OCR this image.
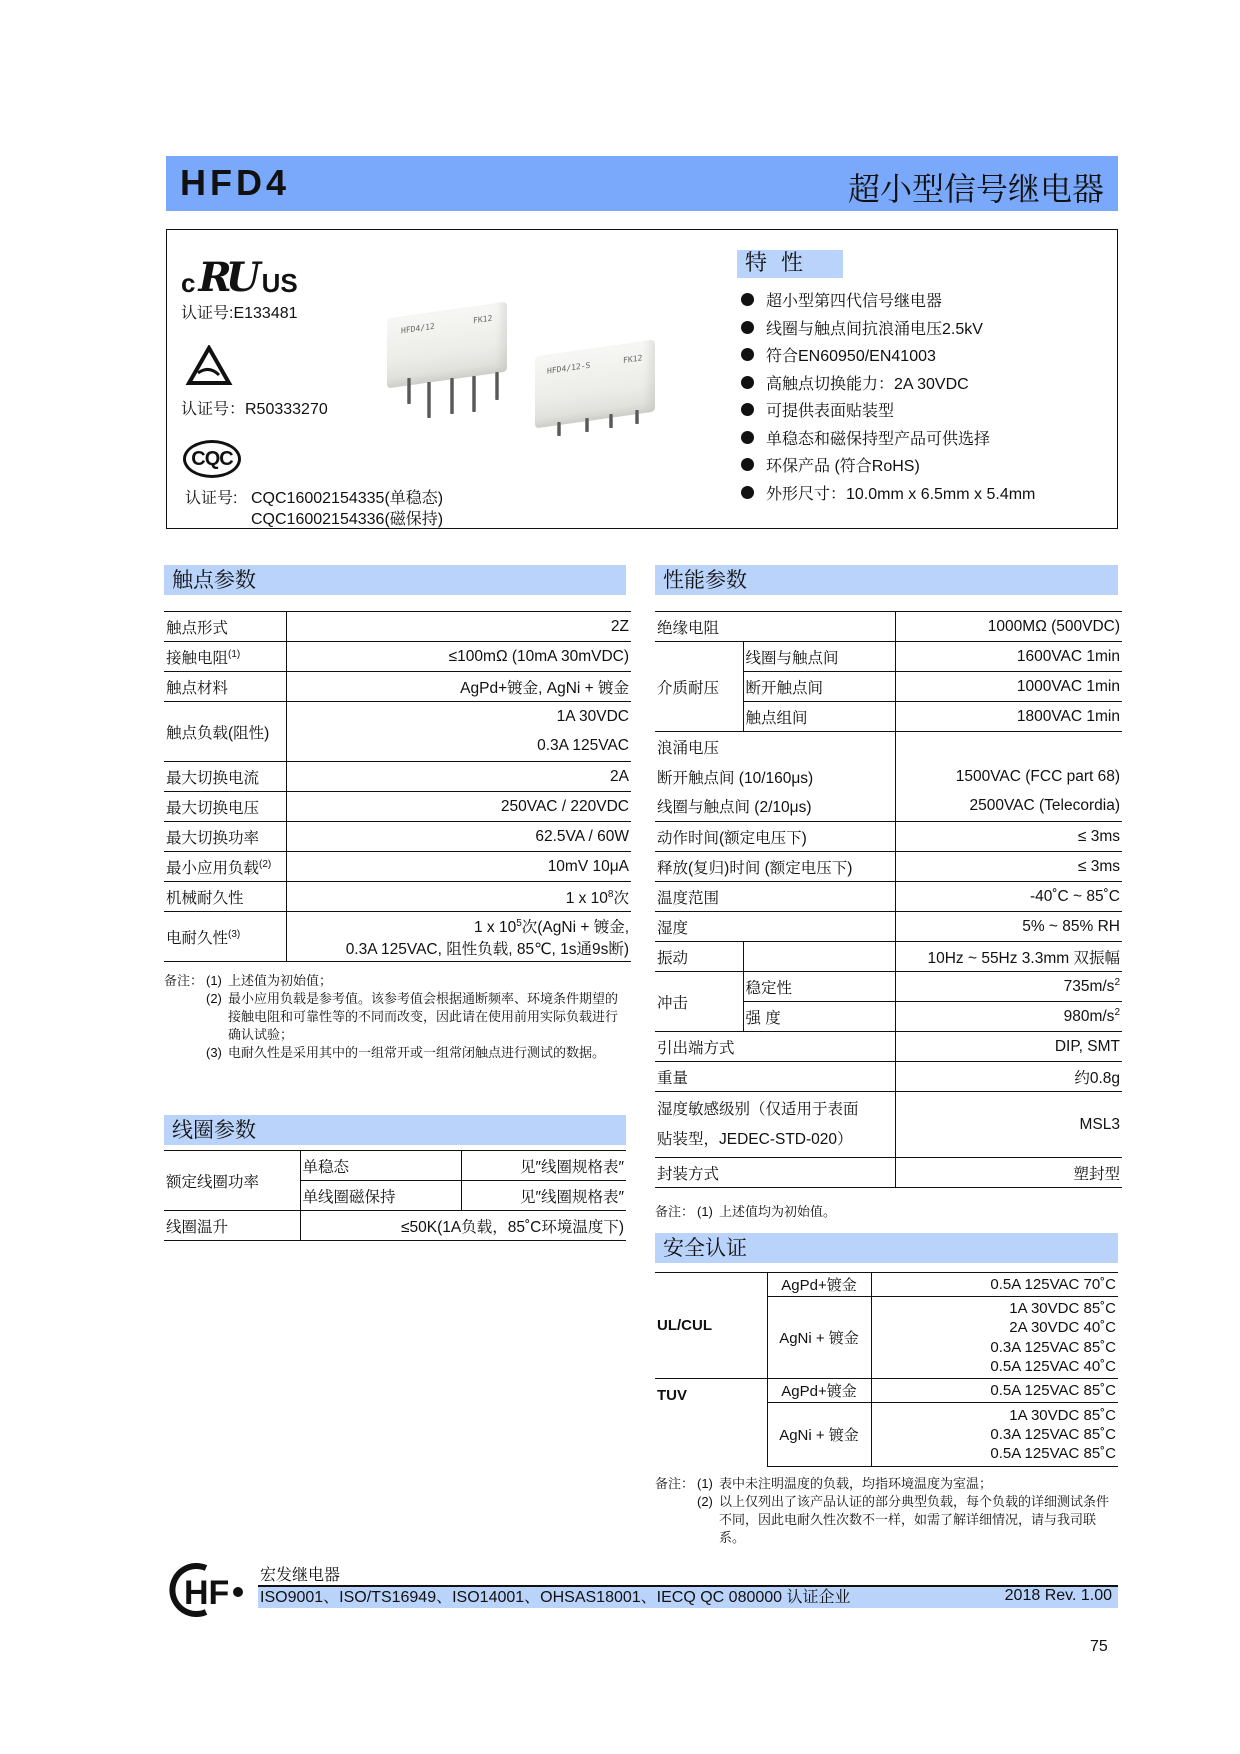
HFD4	超小型信号继电器
c RU US
认证号:E133481
认证号：R50333270
CQC
认证号: CQC16002154335(单稳态)
CQC16002154336(磁保持)
HFD4/12
FK12
HFD4/12-S
FK12
特性
超小型第四代信号继电器
线圈与触点间抗浪涌电压2.5kV
符合EN60950/EN41003
高触点切换能力：2A 30VDC
可提供表面贴装型
单稳态和磁保持型产品可供选择
环保产品 (符合RoHS)
外形尺寸：10.0mm x 6.5mm x 5.4mm
触点参数
触点形式	2Z
接触电阻$^{(1)}$	≤100mΩ (10mA 30mVDC)
触点材料	AgPd+镀金, AgNi + 镀金
触点负载(阻性)	1A 30VDC
	0.3A 125VAC
最大切换电流	2A
最大切换电压	250VAC / 220VDC
最大切换功率	62.5VA / 60W
最小应用负载$^{(2)}$	10mV 10μA
机械耐久性	1 x $10^8$次
电耐久性$^{(3)}$	1 x $10^5$次(AgNi + 镀金,
0.3A 125VAC, 阻性负载, 85℃, 1s通9s断)
备注： (1) 上述值为初始值；
(2) 最小应用负载是参考值。该参考值会根据通断频率、环境条件期望的接触电阻和可靠性等的不同而改变，因此请在使用前用实际负载进行确认试验；
(3) 电耐久性是采用其中的一组常开或一组常闭触点进行测试的数据。
线圈参数
额定线圈功率	单稳态	见″线圈规格表″
	单线圈磁保持	见″线圈规格表″
线圈温升	≤50K(1A负载，85˚C环境温度下)	
性能参数
绝缘电阻		1000MΩ (500VDC)
介质耐压	线圈与触点间	1600VAC 1min
	断开触点间	1000VAC 1min
	触点组间	1800VAC 1min
浪涌电压		
断开触点间 (10/160μs)		1500VAC (FCC part 68)
线圈与触点间 (2/10μs)		2500VAC (Telecordia)
动作时间(额定电压下)		≤ 3ms
释放(复归)时间 (额定电压下)		≤ 3ms
温度范围		-40˚C ~ 85˚C
湿度		5% ~ 85% RH
振动		10Hz ~ 55Hz 3.3mm 双振幅
冲击	稳定性	$735m/s^2$
	强 度	$980m/s^2$
引出端方式		DIP, SMT
重量		约0.8g
湿度敏感级别（仅适用于表面
贴装型，JEDEC-STD-020）		MSL3
封装方式		塑封型
备注： (1) 上述值均为初始值。
安全认证
UL/CUL	AgPd+镀金	0.5A 125VAC 70˚C
	AgNi + 镀金	1A 30VDC 85˚C
2A 30VDC 40˚C
0.3A 125VAC 85˚C
0.5A 125VAC 40˚C
TUV	AgPd+镀金	0.5A 125VAC 85˚C
	AgNi + 镀金	1A 30VDC 85˚C
0.3A 125VAC 85˚C
0.5A 125VAC 85˚C
备注： (1) 表中未注明温度的负载，均指环境温度为室温；
(2) 以上仅列出了该产品认证的部分典型负载，每个负载的详细测试条件不同，因此电耐久性次数不一样，如需了解详细情况，请与我司联系。
HF 宏发继电器
ISO9001、ISO/TS16949、ISO14001、OHSAS18001、IECQ QC 080000 认证企业	2018 Rev. 1.00
75
